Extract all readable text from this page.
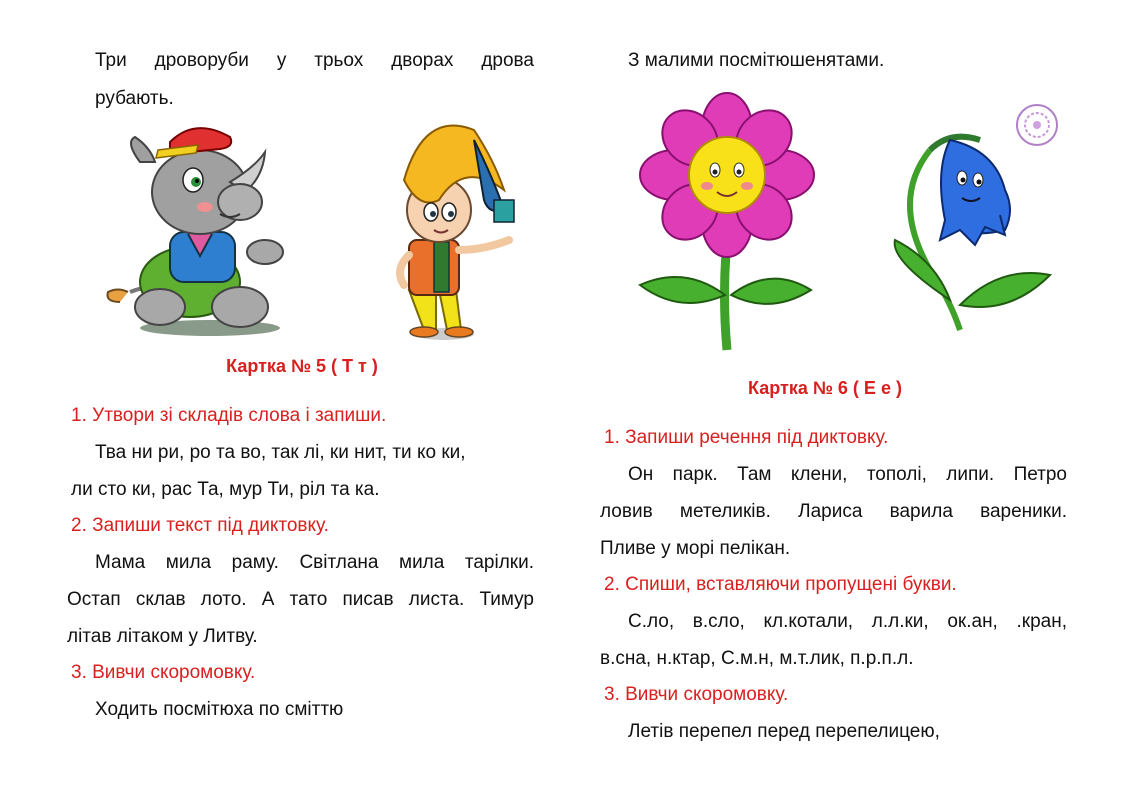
Три дроворуби у трьох дворах дрова
рубають.
Картка № 5 ( Т т )
1. Утвори зі складів слова і запиши.
Тва ни ри, ро та во, так лі, ки нит, ти ко ки,
ли сто ки, рас Та, мур Ти, ріл та ка.
2. Запиши текст під диктовку.
Мама мила раму. Світлана мила тарілки.
Остап склав лото. А тато писав листа. Тимур
літав літаком у Литву.
3. Вивчи скоромовку.
Ходить посмітюха по сміттю
З малими посмітюшенятами.
Картка № 6 ( Е е )
1. Запиши речення під диктовку.
Он парк. Там клени, тополі, липи. Петро
ловив метеликів. Лариса варила вареники.
Пливе у морі пелікан.
2. Спиши, вставляючи пропущені букви.
С.ло, в.сло, кл.котали, л.л.ки, ок.ан, .кран,
в.сна, н.ктар, С.м.н, м.т.лик, п.р.п.л.
3. Вивчи скоромовку.
Летів перепел перед перепелицею,
